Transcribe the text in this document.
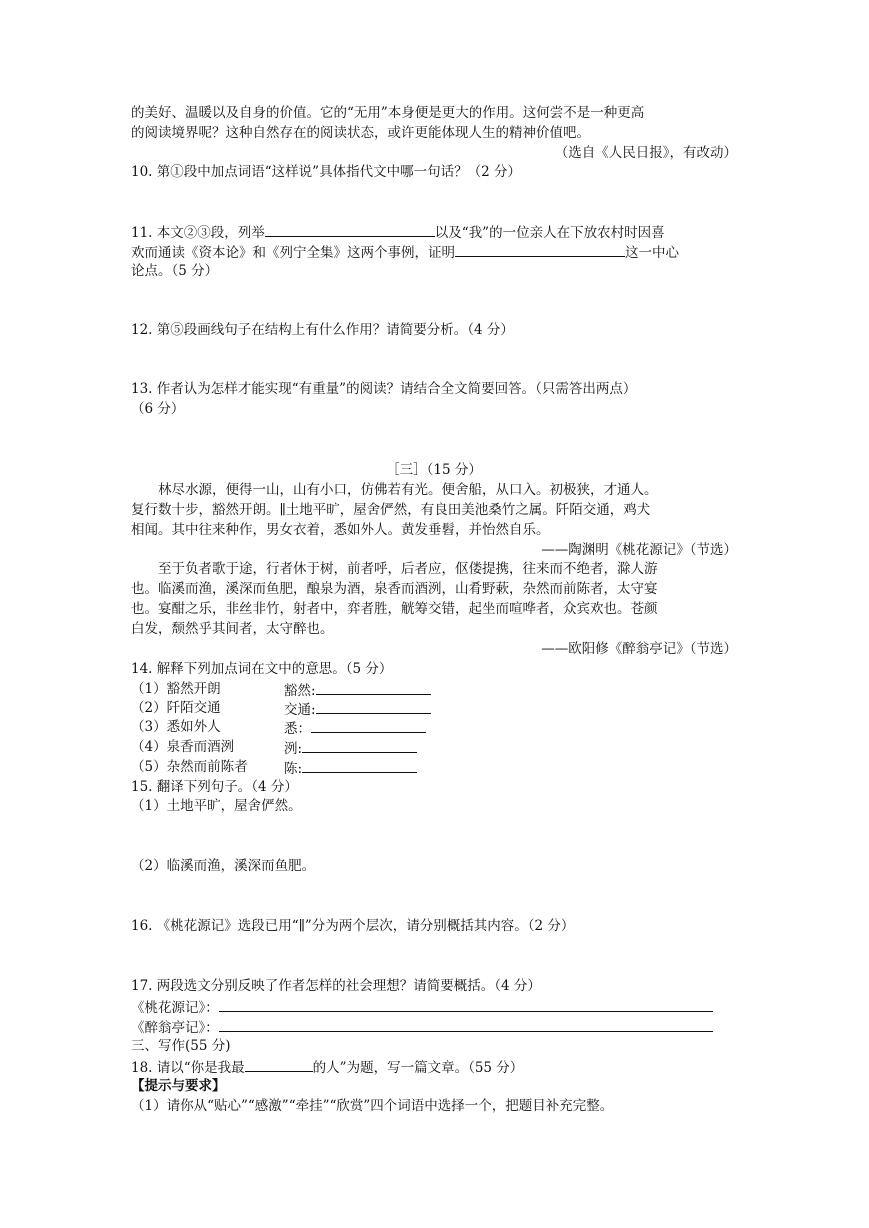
的美好、温暖以及自身的价值。它的“无用”本身便是更大的作用。这何尝不是一种更高
的阅读境界呢？这种自然存在的阅读状态，或许更能体现人生的精神价值吧。
（选自《人民日报》，有改动）
10. 第①段中加点词语“这样说”具体指代文中哪一句话？（2 分）
11. 本文②③段，列举	以及“我”的一位亲人在下放农村时因喜
欢而通读《资本论》和《列宁全集》这两个事例，证明	这一中心
论点。（5 分）
12. 第⑤段画线句子在结构上有什么作用？请简要分析。（4 分）
13. 作者认为怎样才能实现“有重量”的阅读？请结合全文简要回答。（只需答出两点）
（6 分）
［三］（15 分）
林尽水源，便得一山，山有小口，仿佛若有光。便舍船，从口入。初极狭，才通人。
复行数十步，豁然开朗。∥土地平旷，屋舍俨然，有良田美池桑竹之属。阡陌交通，鸡犬
相闻。其中往来种作，男女衣着，悉如外人。黄发垂髫，并怡然自乐。
——陶渊明《桃花源记》（节选）
至于负者歌于途，行者休于树，前者呼，后者应，伛偻提携，往来而不绝者，滁人游
也。临溪而渔，溪深而鱼肥，酿泉为酒，泉香而酒洌，山肴野蔌，杂然而前陈者，太守宴
也。宴酣之乐，非丝非竹，射者中，弈者胜，觥筹交错，起坐而喧哗者，众宾欢也。苍颜
白发，颓然乎其间者，太守醉也。
——欧阳修《醉翁亭记》（节选）
14. 解释下列加点词在文中的意思。（5 分）
（1）豁然开朗	豁然:
（2）阡陌交通	交通:
（3）悉如外人	悉：
（4）泉香而酒洌	洌:
（5）杂然而前陈者	陈:
15. 翻译下列句子。（4 分）
（1）土地平旷，屋舍俨然。
（2）临溪而渔，溪深而鱼肥。
16. 《桃花源记》选段已用“∥”分为两个层次，请分别概括其内容。（2 分）
17. 两段选文分别反映了作者怎样的社会理想？请简要概括。（4 分）
《桃花源记》：
《醉翁亭记》：
三、写作(55 分)
18. 请以“你是我最	的人”为题，写一篇文章。（55 分）
【提示与要求】
（1）请你从“贴心”“感激”“牵挂”“欣赏”四个词语中选择一个，把题目补充完整。
